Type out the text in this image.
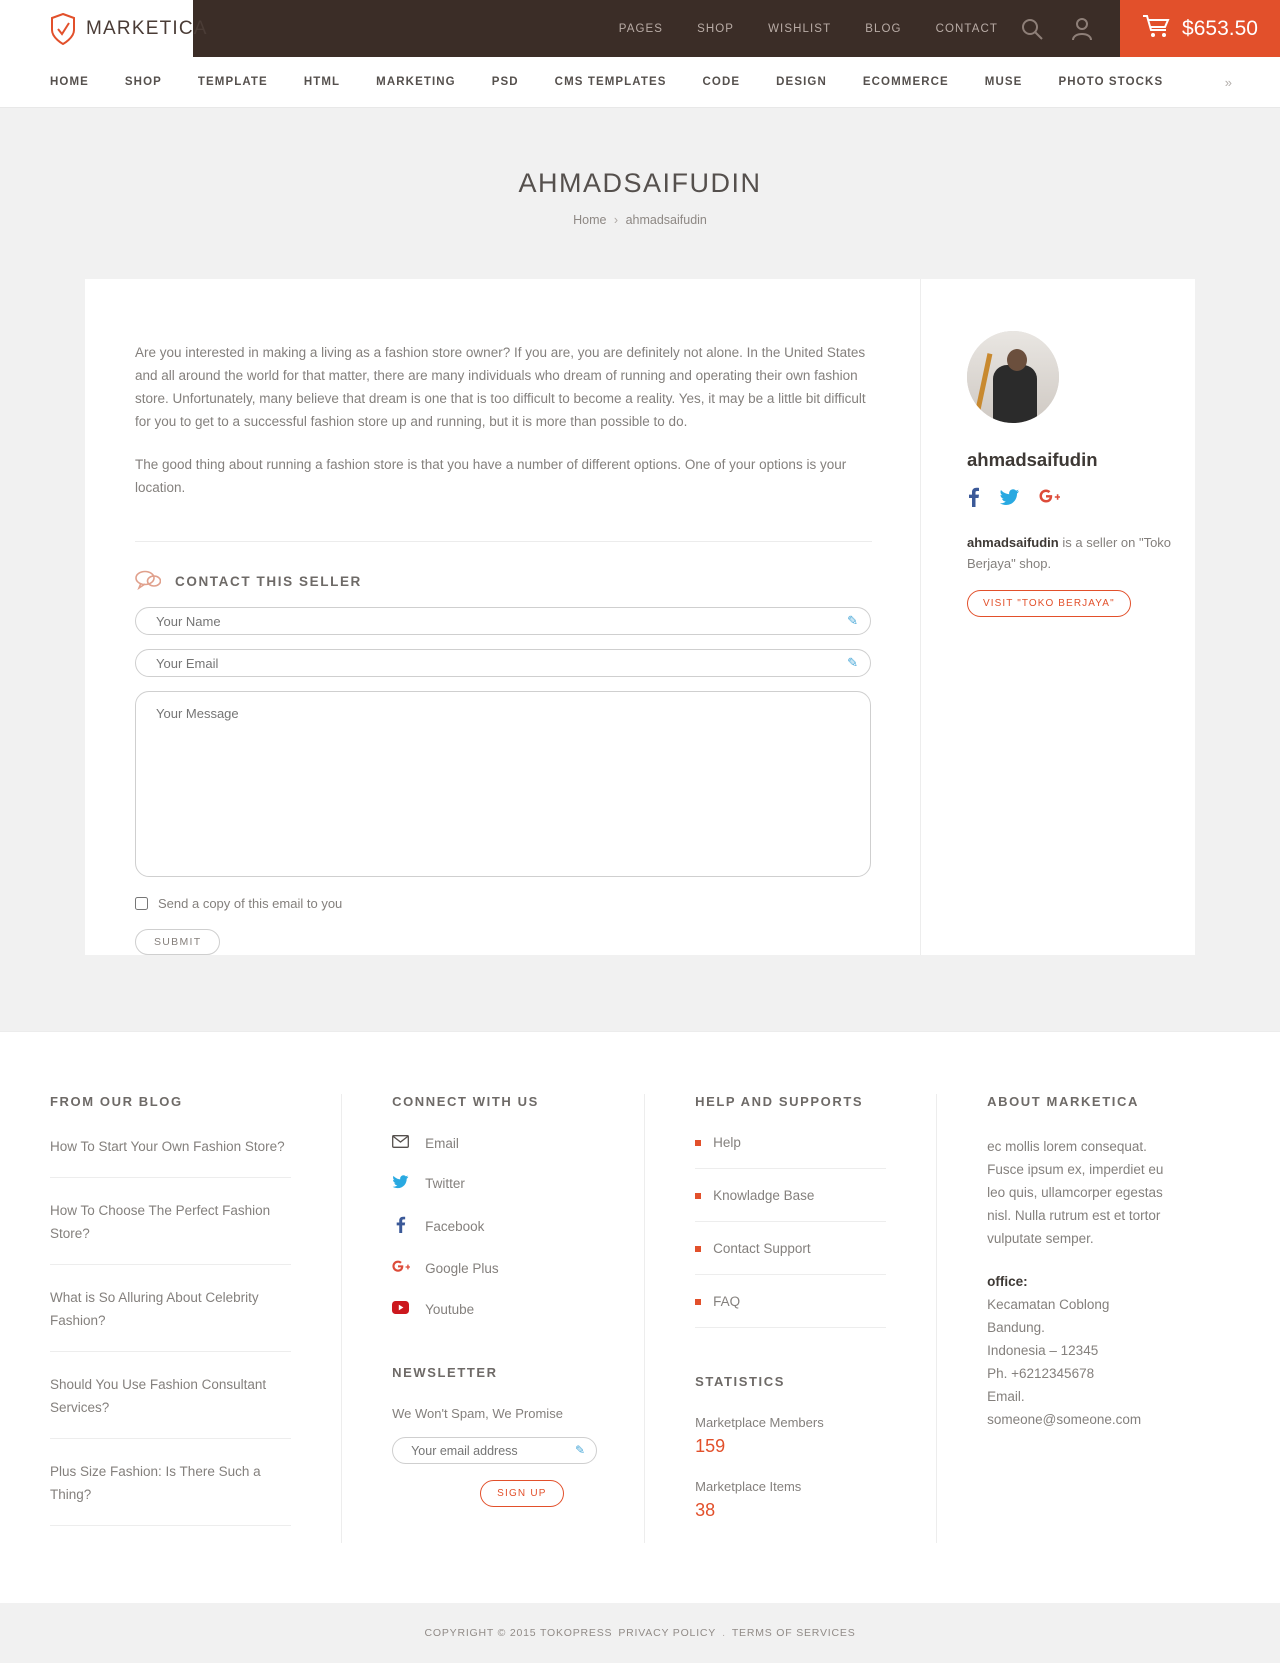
MARKETICA	PAGES	SHOP	WISHLIST	BLOG	CONTACT	$653.50
HOME	SHOP	TEMPLATE	HTML	MARKETING	PSD	CMS TEMPLATES	CODE	DESIGN	ECOMMERCE	MUSE	PHOTO STOCKS	»
AHMADSAIFUDIN
Home › ahmadsaifudin

Are you interested in making a living as a fashion store owner? If you are, you are definitely not alone. In the United States and all around the world for that matter, there are many individuals who dream of running and operating their own fashion store. Unfortunately, many believe that dream is one that is too difficult to become a reality. Yes, it may be a little bit difficult for you to get to a successful fashion store up and running, but it is more than possible to do.

The good thing about running a fashion store is that you have a number of different options. One of your options is your location.

CONTACT THIS SELLER
Your Name
✎
Your Email
✎
Your Message
Send a copy of this email to you
SUBMIT
ahmadsaifudin
ahmadsaifudin is a seller on "Toko Berjaya" shop.
VISIT "TOKO BERJAYA"
FROM OUR BLOG
How To Start Your Own Fashion Store?
How To Choose The Perfect Fashion Store?
What is So Alluring About Celebrity Fashion?
Should You Use Fashion Consultant Services?
Plus Size Fashion: Is There Such a Thing?
CONNECT WITH US
Email
Twitter
Facebook
Google Plus
Youtube
NEWSLETTER
We Won't Spam, We Promise
Your email address
✎
SIGN UP
HELP AND SUPPORTS
Help
Knowladge Base
Contact Support
FAQ
STATISTICS
Marketplace Members
159
Marketplace Items
38
ABOUT MARKETICA

ec mollis lorem consequat. Fusce ipsum ex, imperdiet eu leo quis, ullamcorper egestas nisl. Nulla rutrum est et tortor vulputate semper.

office:
Kecamatan Coblong
Bandung.
Indonesia – 12345
Ph. +6212345678
Email. someone@someone.com
COPYRIGHT © 2015 TOKOPRESS PRIVACY POLICY . TERMS OF SERVICES
